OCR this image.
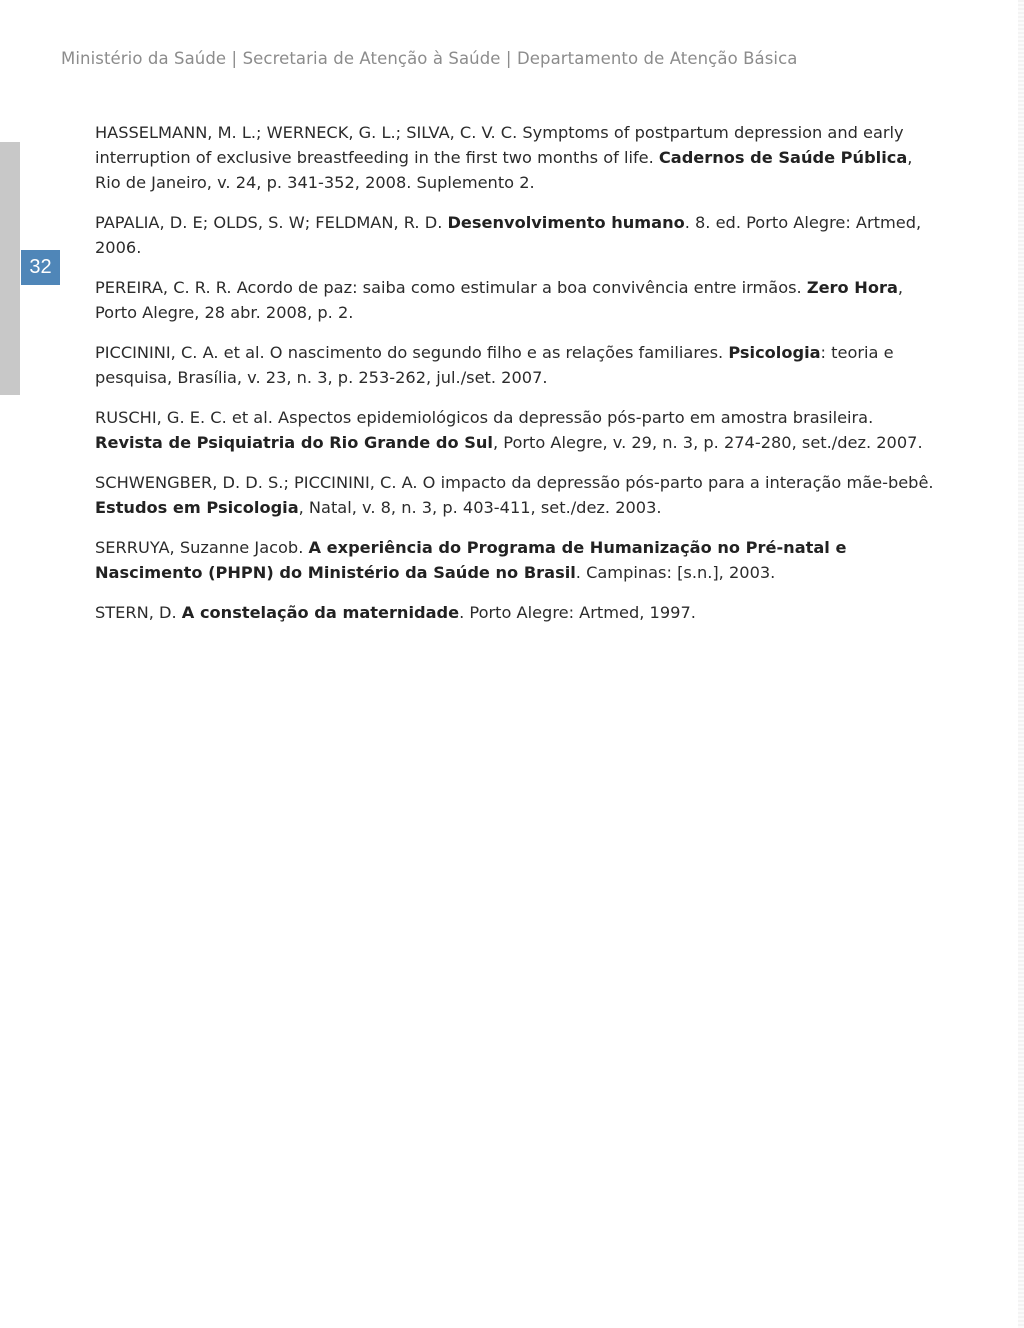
Ministério da Saúde | Secretaria de Atenção à Saúde | Departamento de Atenção Básica
32

HASSELMANN, M. L.; WERNECK, G. L.; SILVA, C. V. C. Symptoms of postpartum depression and early interruption of exclusive breastfeeding in the first two months of life. Cadernos de Saúde Pública, Rio de Janeiro, v. 24, p. 341-352, 2008. Suplemento 2.

PAPALIA, D. E; OLDS, S. W; FELDMAN, R. D. Desenvolvimento humano. 8. ed. Porto Alegre: Artmed, 2006.

PEREIRA, C. R. R. Acordo de paz: saiba como estimular a boa convivência entre irmãos. Zero Hora, Porto Alegre, 28 abr. 2008, p. 2.

PICCININI, C. A. et al. O nascimento do segundo filho e as relações familiares. Psicologia: teoria e pesquisa, Brasília, v. 23, n. 3, p. 253-262, jul./set. 2007.

RUSCHI, G. E. C. et al. Aspectos epidemiológicos da depressão pós-parto em amostra brasileira. Revista de Psiquiatria do Rio Grande do Sul, Porto Alegre, v. 29, n. 3, p. 274-280, set./dez. 2007.

SCHWENGBER, D. D. S.; PICCININI, C. A. O impacto da depressão pós-parto para a interação mãe-bebê. Estudos em Psicologia, Natal, v. 8, n. 3, p. 403-411, set./dez. 2003.

SERRUYA, Suzanne Jacob. A experiência do Programa de Humanização no Pré-natal e Nascimento (PHPN) do Ministério da Saúde no Brasil. Campinas: [s.n.], 2003.

STERN, D. A constelação da maternidade. Porto Alegre: Artmed, 1997.
